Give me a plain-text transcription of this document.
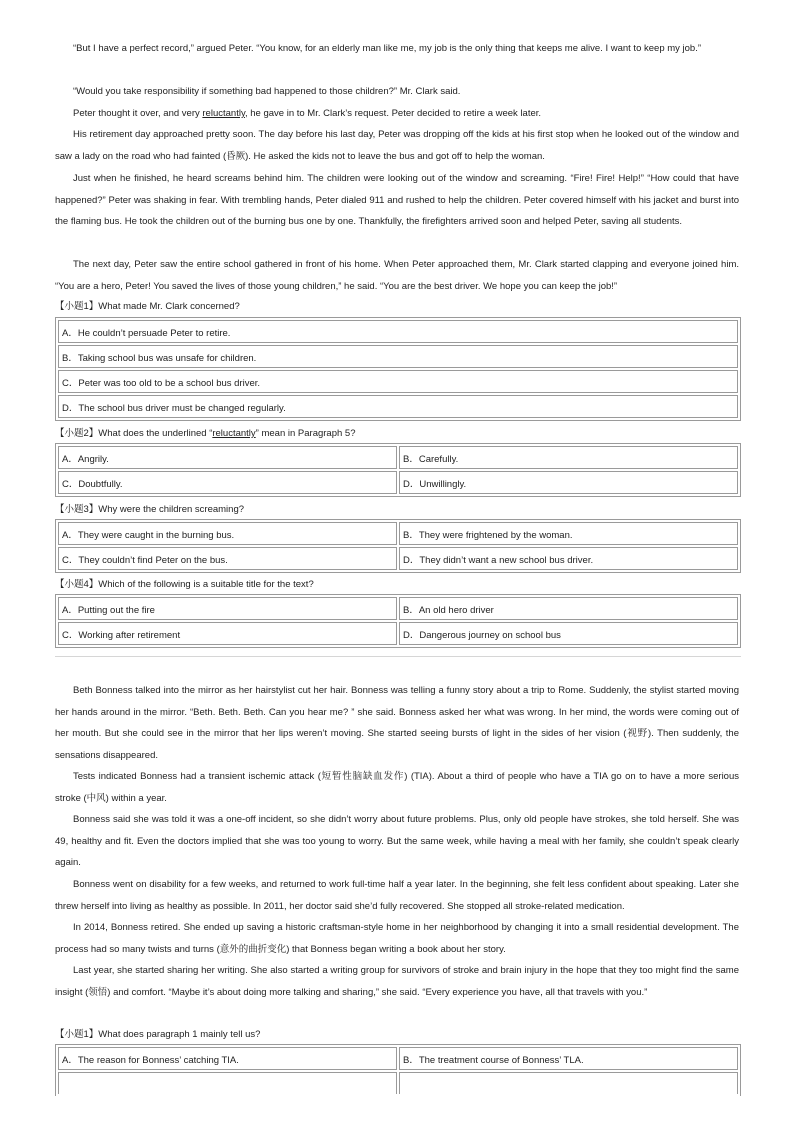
“But I have a perfect record,” argued Peter. “You know, for an elderly man like me, my job is the only thing that keeps me alive. I want to keep my job.”

“Would you take responsibility if something bad happened to those children?” Mr. Clark said.

Peter thought it over, and very reluctantly, he gave in to Mr. Clark’s request. Peter decided to retire a week later.

His retirement day approached pretty soon. The day before his last day, Peter was dropping off the kids at his first stop when he looked out of the window and saw a lady on the road who had fainted (昏厥). He asked the kids not to leave the bus and got off to help the woman.

Just when he finished, he heard screams behind him. The children were looking out of the window and screaming. “Fire! Fire! Help!” “How could that have happened?” Peter was shaking in fear. With trembling hands, Peter dialed 911 and rushed to help the children. Peter covered himself with his jacket and burst into the flaming bus. He took the children out of the burning bus one by one. Thankfully, the firefighters arrived soon and helped Peter, saving all students.

The next day, Peter saw the entire school gathered in front of his home. When Peter approached them, Mr. Clark started clapping and everyone joined him. “You are a hero, Peter! You saved the lives of those young children,” he said. “You are the best driver. We hope you can keep the job!”

【小题1】What made Mr. Clark concerned?

A．He couldn’t persuade Peter to retire.
B．Taking school bus was unsafe for children.
C．Peter was too old to be a school bus driver.
D．The school bus driver must be changed regularly.

【小题2】What does the underlined “reluctantly” mean in Paragraph 5?

A．Angrily.	B．Carefully.
C．Doubtfully.	D．Unwillingly.

【小题3】Why were the children screaming?

A．They were caught in the burning bus.	B．They were frightened by the woman.
C．They couldn’t find Peter on the bus.	D．They didn’t want a new school bus driver.

【小题4】Which of the following is a suitable title for the text?

A．Putting out the fire	B．An old hero driver
C．Working after retirement	D．Dangerous journey on school bus

Beth Bonness talked into the mirror as her hairstylist cut her hair. Bonness was telling a funny story about a trip to Rome. Suddenly, the stylist started moving her hands around in the mirror. “Beth. Beth. Beth. Can you hear me? ” she said. Bonness asked her what was wrong. In her mind, the words were coming out of her mouth. But she could see in the mirror that her lips weren’t moving. She started seeing bursts of light in the sides of her vision (视野). Then suddenly, the sensations disappeared.

Tests indicated Bonness had a transient ischemic attack (短暂性脑缺血发作) (TIA). About a third of people who have a TIA go on to have a more serious stroke (中风) within a year.

Bonness said she was told it was a one-off incident, so she didn’t worry about future problems. Plus, only old people have strokes, she told herself. She was 49, healthy and fit. Even the doctors implied that she was too young to worry. But the same week, while having a meal with her family, she couldn’t speak clearly again.

Bonness went on disability for a few weeks, and returned to work full-time half a year later. In the beginning, she felt less confident about speaking. Later she threw herself into living as healthy as possible. In 2011, her doctor said she’d fully recovered. She stopped all stroke-related medication.

In 2014, Bonness retired. She ended up saving a historic craftsman-style home in her neighborhood by changing it into a small residential development. The process had so many twists and turns (意外的曲折变化) that Bonness began writing a book about her story.

Last year, she started sharing her writing. She also started a writing group for survivors of stroke and brain injury in the hope that they too might find the same insight (领悟) and comfort. “Maybe it’s about doing more talking and sharing,” she said. “Every experience you have, all that travels with you.”

【小题1】What does paragraph 1 mainly tell us?

A．The reason for Bonness’ catching TIA.	B．The treatment course of Bonness’ TLA.
